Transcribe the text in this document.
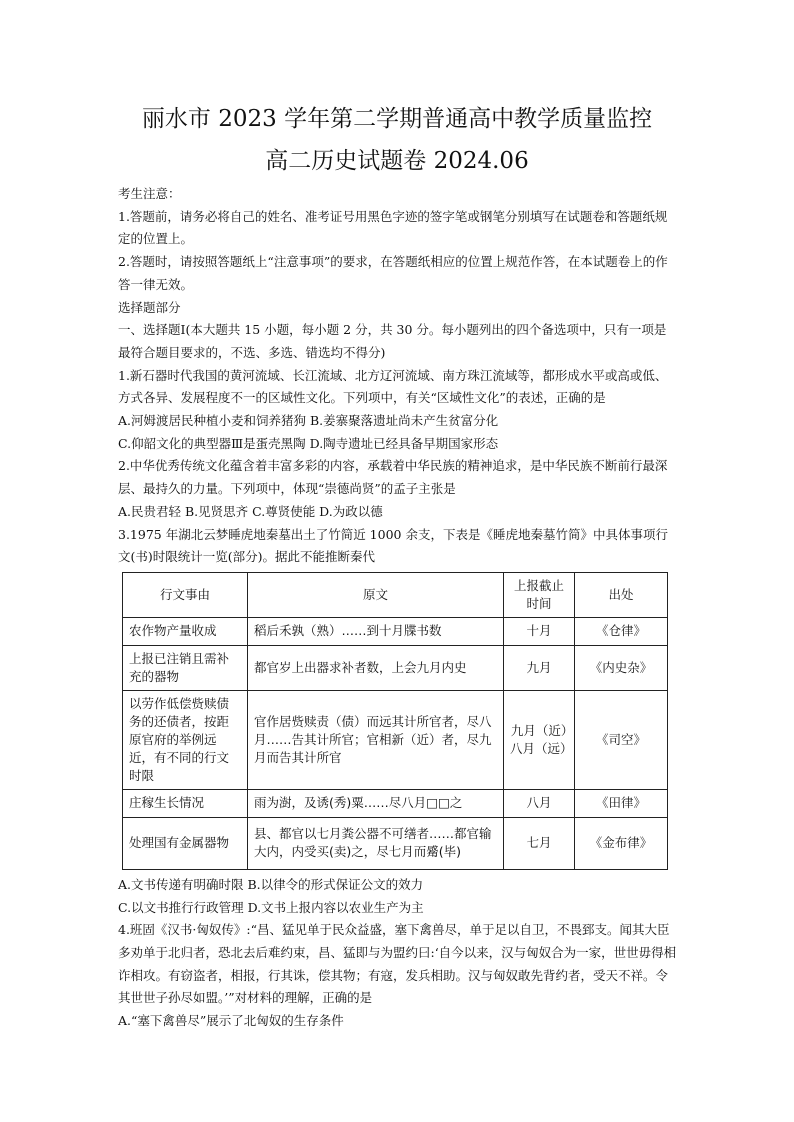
丽水市 2023 学年第二学期普通高中教学质量监控
高二历史试题卷 2024.06

考生注意：

1.答题前，请务必将自己的姓名、准考证号用黑色字迹的签字笔或钢笔分别填写在试题卷和答题纸规定的位置上。

2.答题时，请按照答题纸上“注意事项”的要求，在答题纸相应的位置上规范作答，在本试题卷上的作答一律无效。

选择题部分

一、选择题Ⅰ(本大题共 15 小题，每小题 2 分，共 30 分。每小题列出的四个备选项中，只有一项是最符合题目要求的，不选、多选、错选均不得分)

1.新石器时代我国的黄河流域、长江流域、北方辽河流域、南方珠江流域等，都形成水平或高或低、方式各异、发展程度不一的区域性文化。下列项中，有关“区域性文化”的表述，正确的是

A.河姆渡居民种植小麦和饲养猪狗 B.姜寨聚落遗址尚未产生贫富分化

C.仰韶文化的典型器Ⅲ是蛋壳黑陶 D.陶寺遗址已经具备早期国家形态

2.中华优秀传统文化蕴含着丰富多彩的内容，承载着中华民族的精神追求，是中华民族不断前行最深层、最持久的力量。下列项中，体现“崇德尚贤”的孟子主张是

A.民贵君轻 B.见贤思齐 C.尊贤使能 D.为政以德

3.1975 年湖北云梦睡虎地秦墓出土了竹简近 1000 余支，下表是《睡虎地秦墓竹简》中具体事项行文(书)时限统计一览(部分)。据此不能推断秦代

行文事由	原文	上报截止时间	出处
农作物产量收成	稻后禾孰（熟）……到十月牒书数	十月	《仓律》
上报已注销且需补充的器物	都官岁上出器求补者数，上会九月内史	九月	《内史杂》
以劳作低偿赀赎债务的还债者，按距原官府的举例远近，有不同的行文时限	官作居赀赎责（债）而远其计所官者，尽八月……告其计所官；官相新（近）者，尽九月而告其计所官	九月（近）八月（远）	《司空》
庄稼生长情况	雨为澍，及诱(秀)粟……尽八月□□之	八月	《田律》
处理国有金属器物	县、都官以七月粪公器不可缮者……都官输大内，内受买(卖)之，尽七月而觱(毕)	七月	《金布律》

A.文书传递有明确时限 B.以律令的形式保证公文的效力

C.以文书推行行政管理 D.文书上报内容以农业生产为主

4.班固《汉书·匈奴传》:“昌、猛见单于民众益盛，塞下禽兽尽，单于足以自卫，不畏郅支。闻其大臣多劝单于北归者，恐北去后难约束，昌、猛即与为盟约曰:‘自今以来，汉与匈奴合为一家，世世毋得相诈相攻。有窃盗者，相报，行其诛，偿其物；有寇，发兵相助。汉与匈奴敢先背约者，受天不祥。令其世世子孙尽如盟。’”对材料的理解，正确的是

A.“塞下禽兽尽”展示了北匈奴的生存条件
